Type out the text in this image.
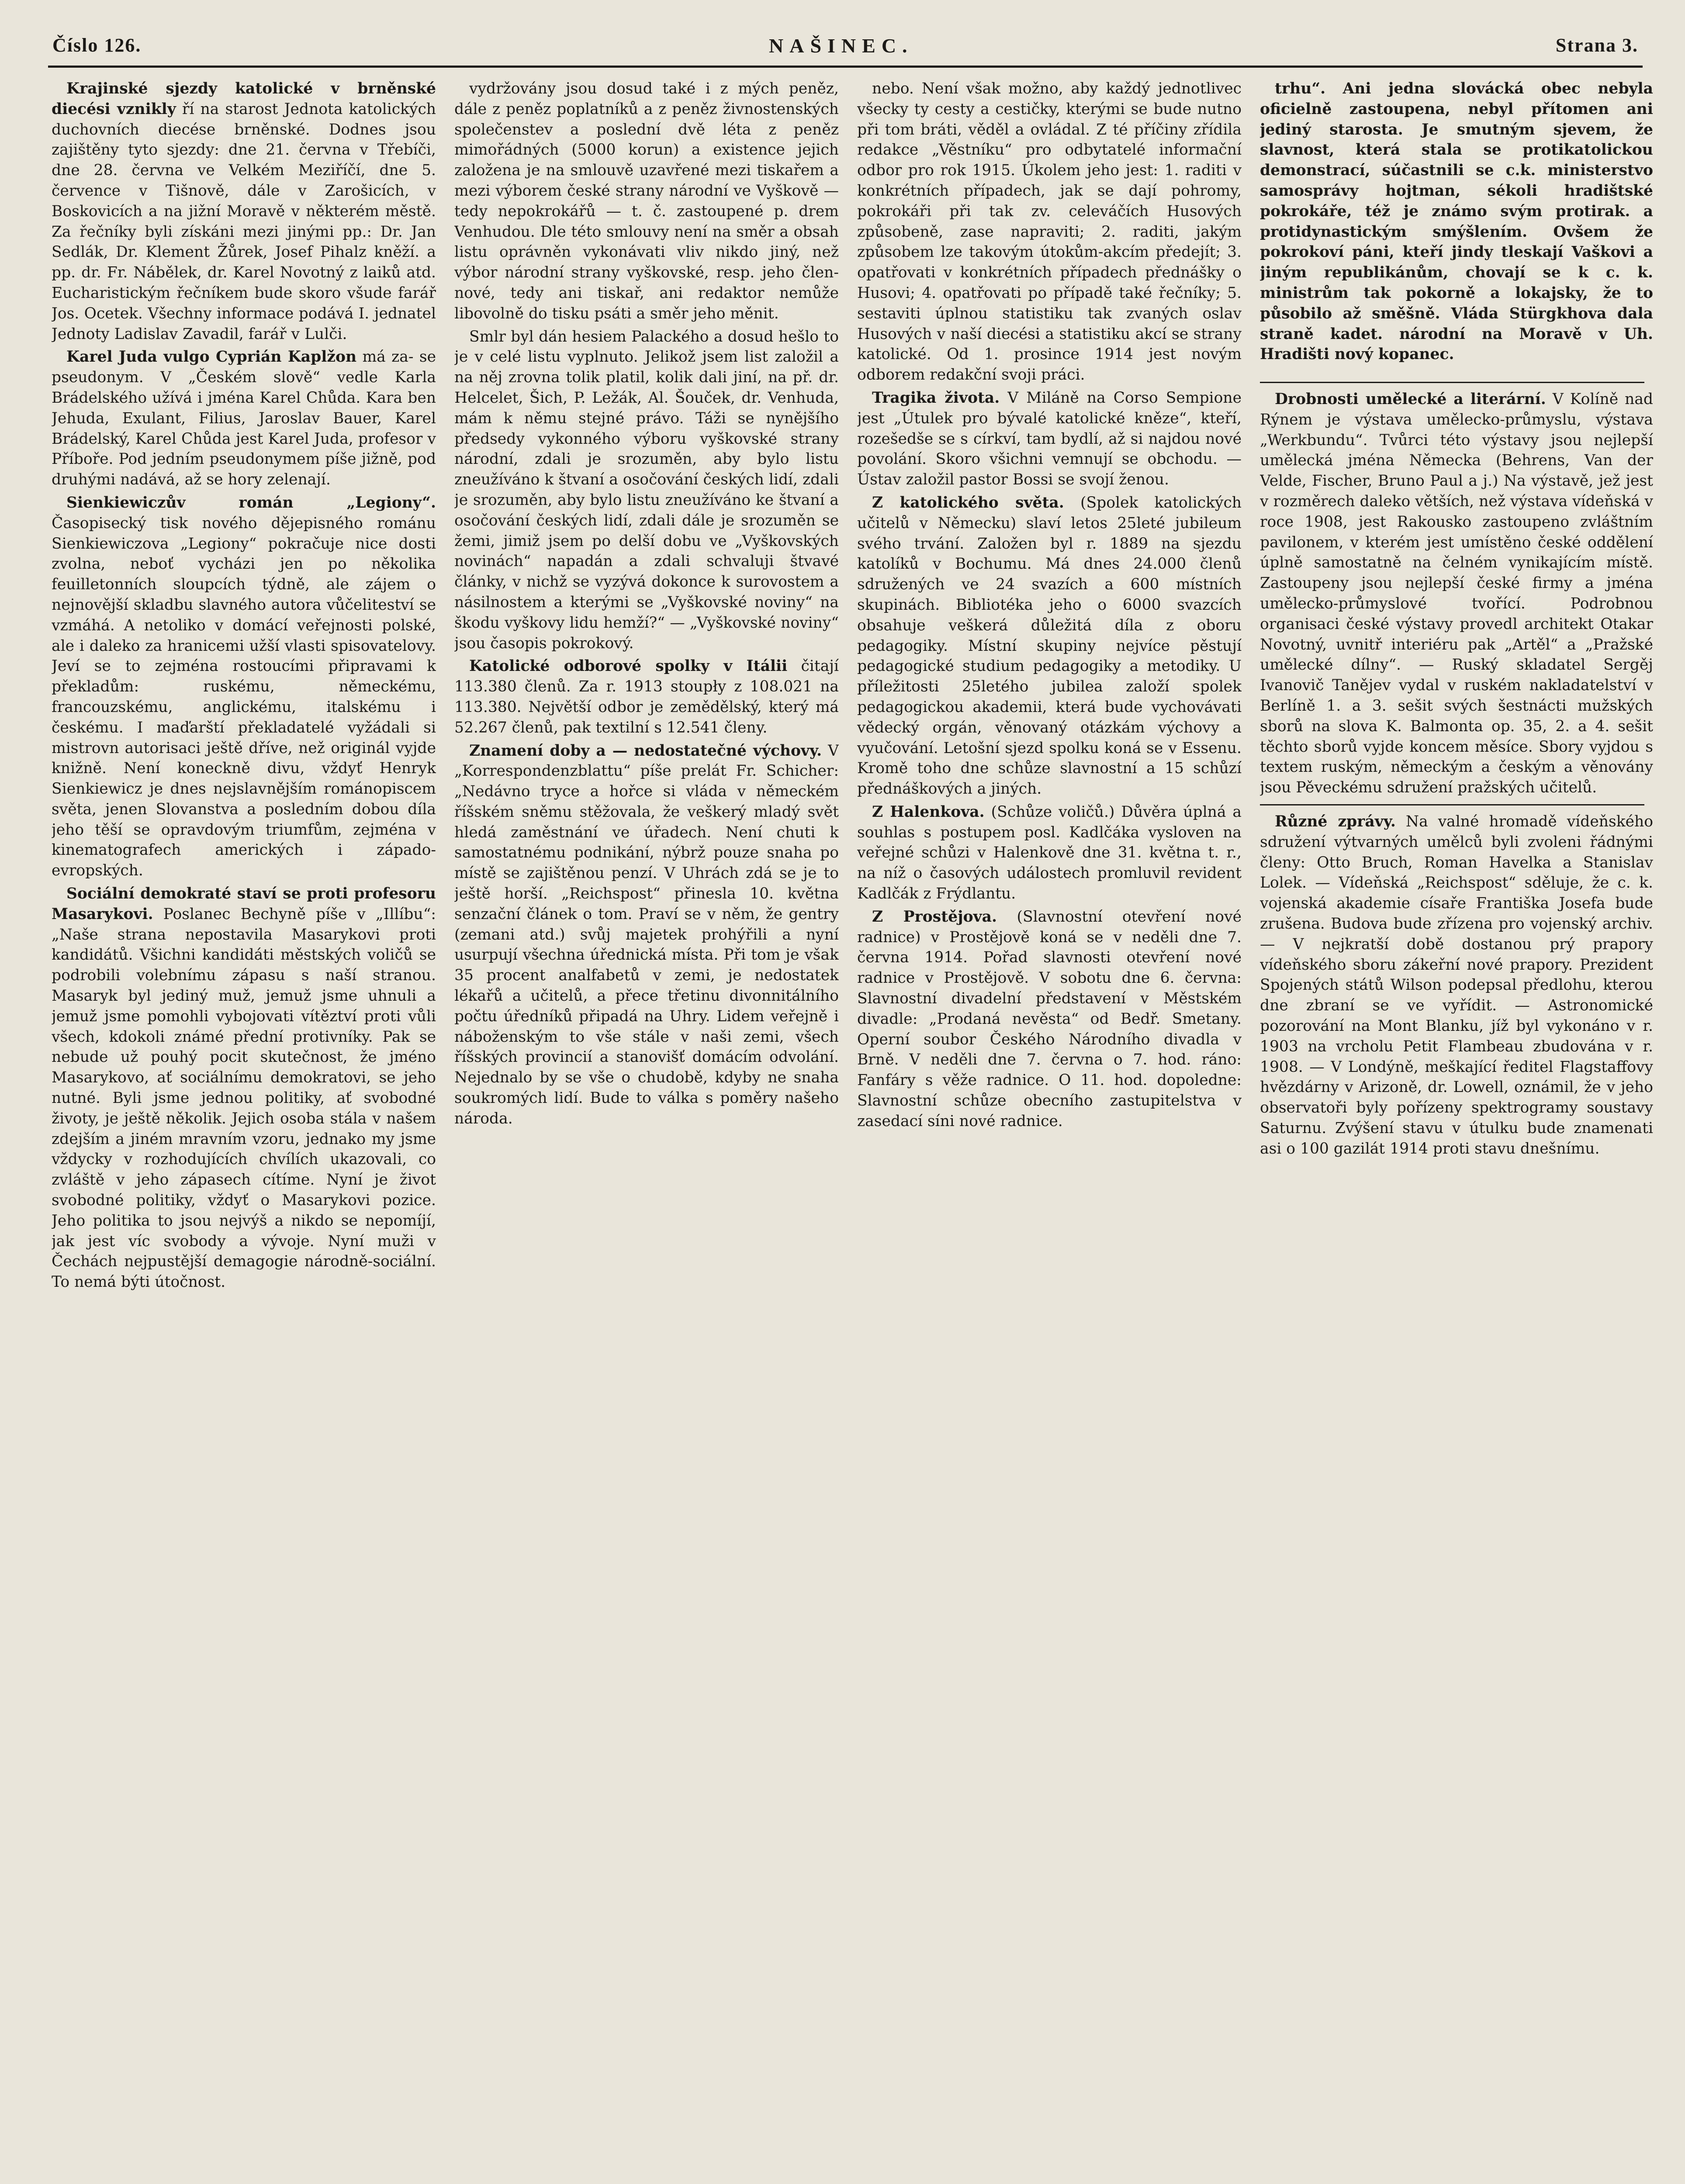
Číslo 126.	NAŠINEC.	Strana 3.

Krajinské sjezdy katolické v brněnské diecési vznikly ří na starost Jednota katolických duchovních diecése brněnské. Dodnes jsou zajištěny tyto sjezdy: dne 21. června v Třebíči, dne 28. června ve Velkém Meziříčí, dne 5. července v Tišnově, dále v Zarošicích, v Boskovicích a na jižní Moravě v některém městě. Za řečníky byli získáni mezi jinými pp.: Dr. Jan Sedlák, Dr. Klement Žůrek, Josef Pihalz kněží. a pp. dr. Fr. Nábělek, dr. Karel Novotný z laiků atd. Eucharistickým řečníkem bude skoro všude farář Jos. Ocetek. Všechny informace podává I. jednatel Jednoty Ladislav Zavadil, farář v Lulči.

Karel Juda vulgo Cyprián Kaplžon má za- se pseudonym. V „Českém slově“ vedle Karla Brádelského užívá i jména Karel Chůda. Kara ben Jehuda, Exulant, Filius, Jaroslav Bauer, Karel Brádelský, Karel Chůda jest Karel Juda, profesor v Příboře. Pod jedním pseudonymem píše jižně, pod druhými nadává, až se hory zelenají.

Sienkiewiczův román „Legiony“. Časopisecký tisk nového dějepisného románu Sienkiewiczova „Legiony“ pokračuje nice dosti zvolna, neboť vycházi jen po několika feuilletonních sloupcích týdně, ale zájem o nejnovější skladbu slavného autora vůčeliteství se vzmáhá. A netoliko v domácí veřejnosti polské, ale i daleko za hranicemi užší vlasti spisovatelovy. Jeví se to zejména rostoucími připravami k překladům: ruskému, německému, francouzskému, anglickému, italskému i českému. I maďarští překladatelé vyžádali si mistrovn autorisaci ještě dříve, než originál vyjde knižně. Není koneckně divu, vždyť Henryk Sienkiewicz je dnes nejslavnějším románopiscem světa, jenen Slovanstva a posledním dobou díla jeho těší se opravdovým triumfům, zejména v kinematografech amerických i západo-evropských.

Sociální demokraté staví se proti profesoru Masarykovi. Poslanec Bechyně píše v „Illíbu“: „Naše strana nepostavila Masarykovi proti kandidátů. Všichni kandidáti městských voličů se podrobili volebnímu zápasu s naší stranou. Masaryk byl jediný muž, jemuž jsme uhnuli a jemuž jsme pomohli vybojovati vítěztví proti vůli všech, kdokoli známé přední protivníky. Pak se nebude už pouhý pocit skutečnost, že jméno Masarykovo, ať sociálnímu demokratovi, se jeho nutné. Byli jsme jednou politiky, ať svobodné životy, je ještě několik. Jejich osoba stála v našem zdejším a jiném mravním vzoru, jednako my jsme vždycky v rozhodujících chvílích ukazovali, co zvláště v jeho zápasech cítíme. Nyní je život svobodné politiky, vždyť o Masarykovi pozice. Jeho politika to jsou nejvýš a nikdo se nepomíjí, jak jest víc svobody a vývoje. Nyní muži v Čechách nejpustější demagogie národně-sociální. To nemá býti útočnost.

vydržovány jsou dosud také i z mých peněz, dále z peněz poplatníků a z peněz živnostenských společenstev a poslední dvě léta z peněz mimořádných (5000 korun) a existence jejich založena je na smlouvě uzavřené mezi tiskařem a mezi výborem české strany národní ve Vyškově — tedy nepokrokářů — t. č. zastoupené p. drem Venhudou. Dle této smlouvy není na směr a obsah listu oprávněn vykonávati vliv nikdo jiný, než výbor národní strany vyškovské, resp. jeho člen-nové, tedy ani tiskař, ani redaktor nemůže libovolně do tisku psáti a směr jeho měnit.

Smlr byl dán hesiem Palackého a dosud hešlo to je v celé listu vyplnuto. Jelikož jsem list založil a na něj zrovna tolik platil, kolik dali jiní, na př. dr. Helcelet, Šich, P. Ležák, Al. Šouček, dr. Venhuda, mám k němu stejné právo. Táži se nynějšího předsedy vykonného výboru vyškovské strany národní, zdali je srozuměn, aby bylo listu zneužíváno k štvaní a osočování českých lidí, zdali je srozuměn, aby bylo listu zneužíváno ke štvaní a osočování českých lidí, zdali dále je srozuměn se žemi, jimiž jsem po delší dobu ve „Vyškovských novinách“ napadán a zdali schvaluji štvavé články, v nichž se vyzývá dokonce k surovostem a násilnostem a kterými se „Vyškovské noviny“ na škodu vyškovy lidu hemží?“ — „Vyškovské noviny“ jsou časopis pokrokový.

Katolické odborové spolky v Itálii čitají 113.380 členů. Za r. 1913 stoupły z 108.021 na 113.380. Největší odbor je zemědělský, který má 52.267 členů, pak textilní s 12.541 členy.

Znamení doby a — nedostatečné výchovy. V „Korrespondenzblattu“ píše prelát Fr. Schicher: „Nedávno tryce a hořce si vláda v německém říšském sněmu stěžovala, že veškerý mladý svět hledá zaměstnání ve úřadech. Není chuti k samostatnému podnikání, nýbrž pouze snaha po místě se zajištěnou penzí. V Uhrách zdá se je to ještě horší. „Reichspost“ přinesla 10. května senzační článek o tom. Praví se v něm, že gentry (zemani atd.) svůj majetek prohýřili a nyní usurpují všechna úřednická místa. Při tom je však 35 procent analfabetů v zemi, je nedostatek lékařů a učitelů, a přece třetinu divonnitálního počtu úředníků připadá na Uhry. Lidem veřejně i náboženským to vše stále v naši zemi, všech říšských provincií a stanovišť domácím odvolání. Nejednalo by se vše o chudobě, kdyby ne snaha soukromých lidí. Bude to válka s poměry našeho národa.

nebo. Není však možno, aby každý jednotlivec všecky ty cesty a cestičky, kterými se bude nutno při tom bráti, věděl a ovládal. Z té příčiny zřídila redakce „Věstníku“ pro odbytatelé informační odbor pro rok 1915. Úkolem jeho jest: 1. raditi v konkrétních případech, jak se dají pohromy, pokrokáři při tak zv. celeváčích Husových způsobeně, zase napraviti; 2. raditi, jakým způsobem lze takovým útokům-akcím předejít; 3. opatřovati v konkrétních případech přednášky o Husovi; 4. opatřovati po případě také řečníky; 5. sestaviti úplnou statistiku tak zvaných oslav Husových v naší diecési a statistiku akcí se strany katolické. Od 1. prosince 1914 jest novým odborem redakční svoji práci.

Tragika života. V Miláně na Corso Sempione jest „Útulek pro bývalé katolické kněze“, kteří, rozešedše se s církví, tam bydlí, až si najdou nové povolání. Skoro všichni vemnují se obchodu. — Ústav založil pastor Bossi se svojí ženou.

Z katolického světa. (Spolek katolických učitelů v Německu) slaví letos 25leté jubileum svého trvání. Založen byl r. 1889 na sjezdu katolíků v Bochumu. Má dnes 24.000 členů sdružených ve 24 svazích a 600 místních skupinách. Bibliotéka jeho o 6000 svazcích obsahuje veškerá důležitá díla z oboru pedagogiky. Místní skupiny nejvíce pěstují pedagogické studium pedagogiky a metodiky. U příležitosti 25letého jubilea založí spolek pedagogickou akademii, která bude vychovávati vědecký orgán, věnovaný otázkám výchovy a vyučování. Letošní sjezd spolku koná se v Essenu. Kromě toho dne schůze slavnostní a 15 schůzí přednáškových a jiných.

Z Halenkova. (Schůze voličů.) Důvěra úplná a souhlas s postupem posl. Kadlčáka vysloven na veřejné schůzi v Halenkově dne 31. května t. r., na níž o časových událostech promluvil revident Kadlčák z Frýdlantu.

Z Prostějova. (Slavnostní otevření nové radnice) v Prostějově koná se v neděli dne 7. června 1914. Pořad slavnosti otevření nové radnice v Prostějově. V sobotu dne 6. června: Slavnostní divadelní představení v Městském divadle: „Prodaná nevěsta“ od Bedř. Smetany. Operní soubor Českého Národního divadla v Brně. V neděli dne 7. června o 7. hod. ráno: Fanfáry s věže radnice. O 11. hod. dopoledne: Slavnostní schůze obecního zastupitelstva v zasedací síni nové radnice.

trhu“. Ani jedna slovácká obec nebyla oficielně zastoupena, nebyl přítomen ani jediný starosta. Je smutným sjevem, že slavnost, která stala se protikatolickou demonstrací, súčastnili se c.k. ministerstvo samosprávy hojtman, sékoli hradištské pokrokáře, též je známo svým protirak. a protidynastickým smýšlením. Ovšem že pokrokoví páni, kteří jindy tleskají Vaškovi a jiným republikánům, chovají se k c. k. ministrům tak pokorně a lokajsky, že to působilo až směšně. Vláda Stürgkhova dala straně kadet. národní na Moravě v Uh. Hradišti nový kopanec.

Drobnosti umělecké a literární. V Kolíně nad Rýnem je výstava umělecko-průmyslu, výstava „Werkbundu“. Tvůrci této výstavy jsou nejlepší umělecká jména Německa (Behrens, Van der Velde, Fischer, Bruno Paul a j.) Na výstavě, jež jest v rozměrech daleko větších, než výstava vídeňská v roce 1908, jest Rakousko zastoupeno zvláštním pavilonem, v kterém jest umístěno české oddělení úplně samostatně na čelném vynikajícím místě. Zastoupeny jsou nejlepší české firmy a jména umělecko-průmyslové tvořící. Podrobnou organisaci české výstavy provedl architekt Otakar Novotný, uvnitř interiéru pak „Artěl“ a „Pražské umělecké dílny“. — Ruský skladatel Sergěj Ivanovič Tanějev vydal v ruském nakladatelství v Berlíně 1. a 3. sešit svých šestnácti mužských sborů na slova K. Balmonta op. 35, 2. a 4. sešit těchto sborů vyjde koncem měsíce. Sbory vyjdou s textem ruským, německým a českým a věnovány jsou Pěveckému sdružení pražských učitelů.

Různé zprávy. Na valné hromadě vídeňského sdružení výtvarných umělců byli zvoleni řádnými členy: Otto Bruch, Roman Havelka a Stanislav Lolek. — Vídeňská „Reichspost“ sděluje, že c. k. vojenská akademie císaře Františka Josefa bude zrušena. Budova bude zřízena pro vojenský archiv. — V nejkratší době dostanou prý prapory vídeňského sboru zákeřní nové prapory. Prezident Spojených států Wilson podepsal předlohu, kterou dne zbraní se ve vyřídit. — Astronomické pozorování na Mont Blanku, jíž byl vykonáno v r. 1903 na vrcholu Petit Flambeau zbudována v r. 1908. — V Londýně, meškající ředitel Flagstaffovy hvězdárny v Arizoně, dr. Lowell, oznámil, že v jeho observatoři byly pořízeny spektrogramy soustavy Saturnu. Zvýšení stavu v útulku bude znamenati asi o 100 gazilát 1914 proti stavu dnešnímu.
